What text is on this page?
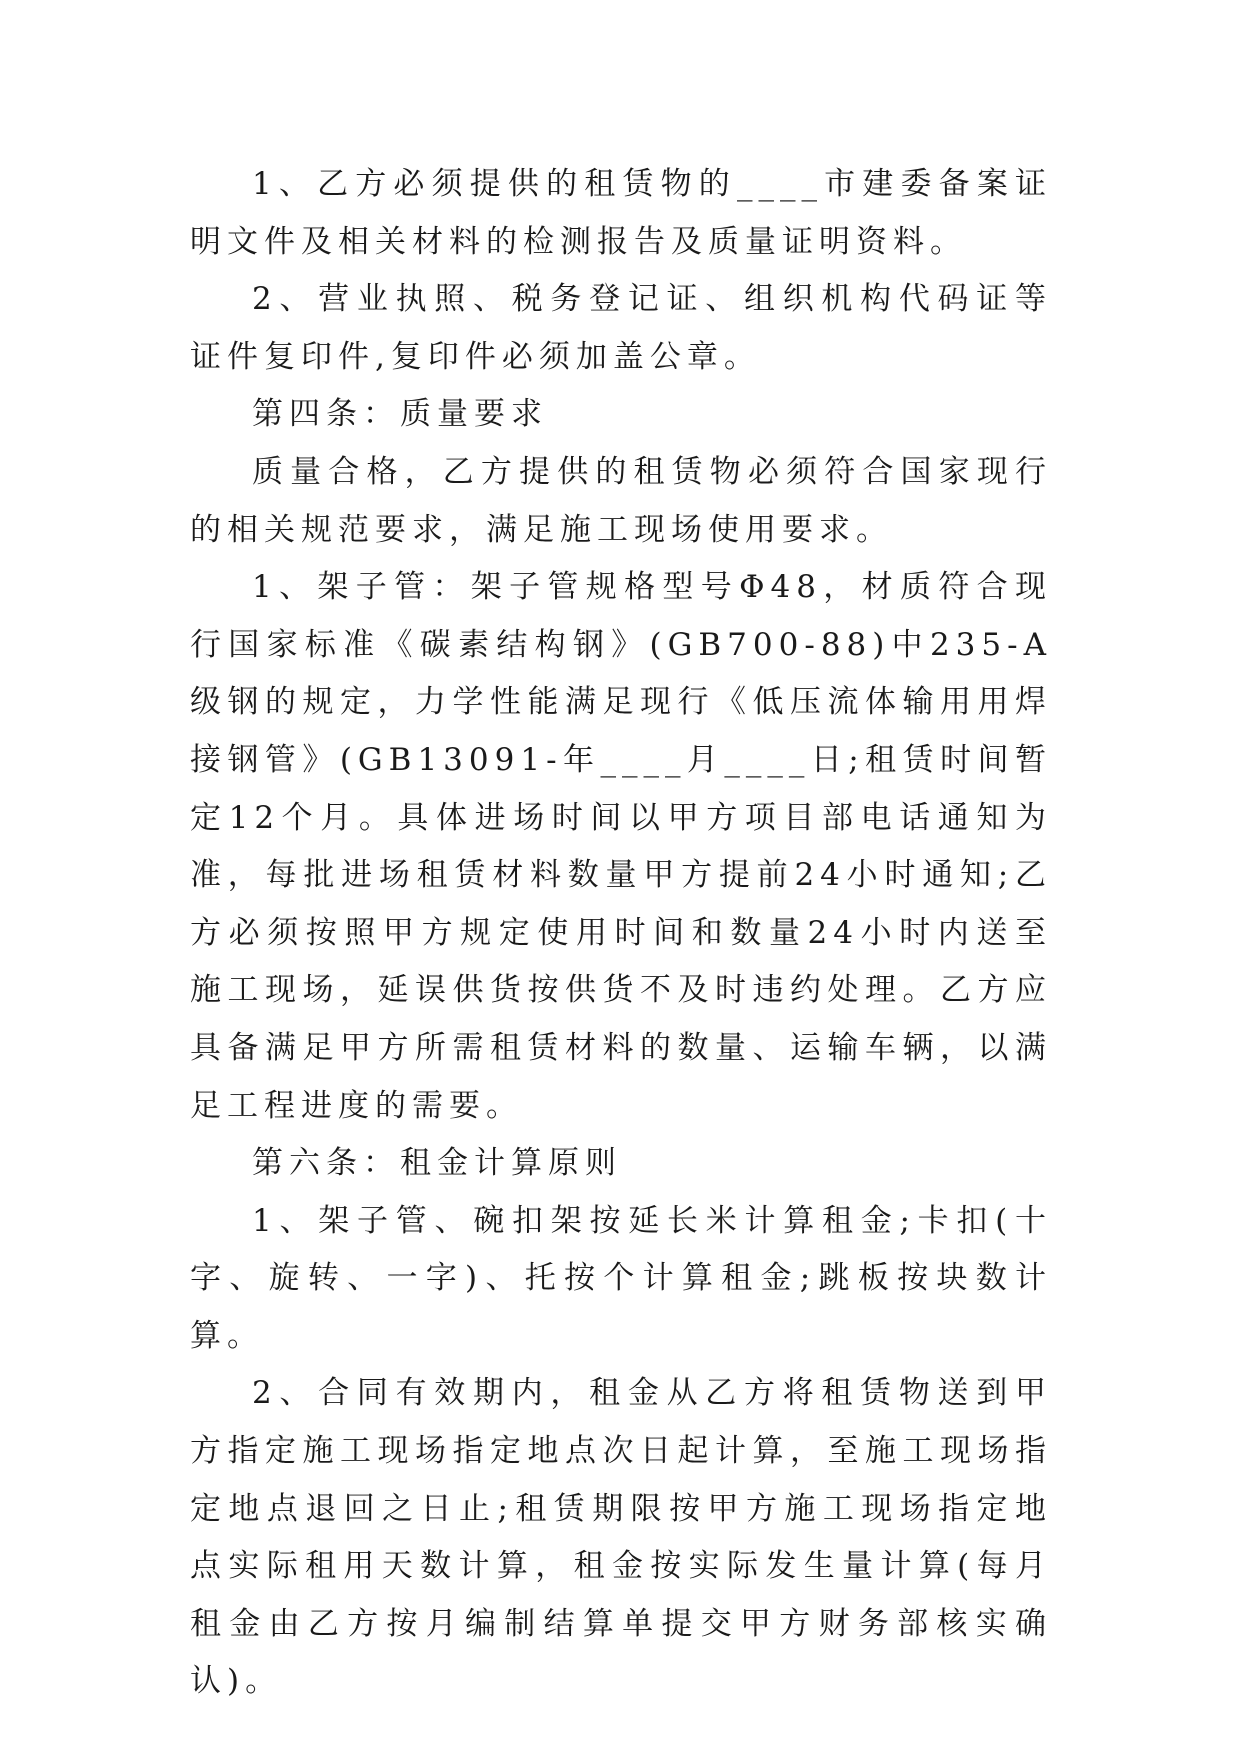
1、乙方必须提供的租赁物的____市建委备案证明文件及相关材料的检测报告及质量证明资料。

2、营业执照、税务登记证、组织机构代码证等证件复印件,复印件必须加盖公章。

第四条：质量要求

质量合格，乙方提供的租赁物必须符合国家现行的相关规范要求，满足施工现场使用要求。

1、架子管：架子管规格型号Φ48，材质符合现行国家标准《碳素结构钢》(GB700-88)中235-A级钢的规定，力学性能满足现行《低压流体输用用焊接钢管》(GB13091-年____月____日;租赁时间暂定12个月。具体进场时间以甲方项目部电话通知为准，每批进场租赁材料数量甲方提前24小时通知;乙方必须按照甲方规定使用时间和数量24小时内送至施工现场，延误供货按供货不及时违约处理。乙方应具备满足甲方所需租赁材料的数量、运输车辆，以满足工程进度的需要。

第六条：租金计算原则

1、架子管、碗扣架按延长米计算租金;卡扣(十字、旋转、一字)、托按个计算租金;跳板按块数计算。

2、合同有效期内，租金从乙方将租赁物送到甲方指定施工现场指定地点次日起计算，至施工现场指定地点退回之日止;租赁期限按甲方施工现场指定地点实际租用天数计算，租金按实际发生量计算(每月租金由乙方按月编制结算单提交甲方财务部核实确认)。
